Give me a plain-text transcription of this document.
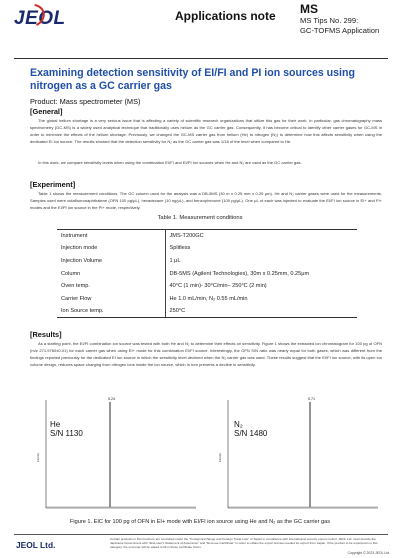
JEOL	Applications note MS
MS Tips No. 299:
GC-TOFMS Application
Examining detection sensitivity of EI/FI and PI ion sources using nitrogen as a GC carrier gas
Product: Mass spectrometer (MS)
[General]
The global helium shortage is a very serious issue that is affecting a variety of scientific research organizations that utilize this gas for their work. In particular, gas chromatography mass spectrometry (GC-MS) is a widely used analytical technique that traditionally uses helium as the GC carrier gas. Consequently, it has become critical to identify other carrier gases for GC-MS in order to minimize the effects of the helium shortage. Previously, we changed the GC-MS carrier gas from helium (He) to nitrogen (N₂) to determine how this affects sensitivity when using the dedicated EI ion source. The results showed that the detection sensitivity for N₂ as the GC carrier gas was 1/18 of the level when compared to He.
In this work, we compare sensitivity levels when using the combination EI/FI and EI/PI ion sources when He and N₂ are used as the GC carrier gas.
[Experiment]
Table 1 shows the measurement conditions. The GC column used for the analysis was a DB-5MS (30 m x 0.25 mm x 0.25 μm). He and N₂ carrier gases were used for the measurements. Samples used were octafluoronaphthalene (OFN 100 pg/μL), hexadecane (10 ng/μL), and benzophenone (100 pg/μL). One μL of each was injected to evaluate the EI/FI ion source in EI+ and FI+ modes and the EI/PI ion source in the PI+ mode, respectively.
Table 1. Measurement conditions
Instrument	JMS-T200GC
Injection mode	Splitless
Injection Volume	1 μL
Column	DB-5MS (Agilent Technologies), 30m x 0.25mm, 0.25μm
Oven temp.	40°C (1 min)- 30°C/min– 250°C (2 min)
Carrier Flow	He 1.0 mL/min, N₂ 0.55 mL/min
Ion Source temp.	250°C
[Results]
As a starting point, the EI/FI combination ion source was tested with both He and N₂ to determine their effects on sensitivity. Figure 1 shows the extracted ion chromatogram for 100 pg of OFN (m/z 271.9760±0.01) for each carrier gas when using EI+ mode for this combination EI/FI source. Interestingly, the OFN S/N ratio was nearly equal for both gases, which was different from the findings reported previously for the dedicated EI ion source in which the sensitivity level declined when the N₂ carrier gas was used. These results suggest that the EI/FI ion source, with its open ion volume design, reduces space charging from nitrogen ions inside the ion source, which in turn prevents a decline in sensitivity.
Intensity
5.24
He
S/N 1130
Intensity
5.71
N₂
S/N 1480
Figure 1. EIC for 100 pg of OFN in EI+ mode with EI/FI ion source using He and N₂ as the GC carrier gas
JEOL Ltd.
Certain products in this brochure are controlled under the "Foreign Exchange and Foreign Trade Law" of Japan in compliance with international security export control. JEOL Ltd. must provide the Japanese Government with "End-user's Statement of Assurance" and "End-use Certificate" in order to obtain the export license needed for export from Japan. If the product to be exported is in this category, the end user will be asked to fill in these certificate forms.
Copyright © 2023 JEOL Ltd.
